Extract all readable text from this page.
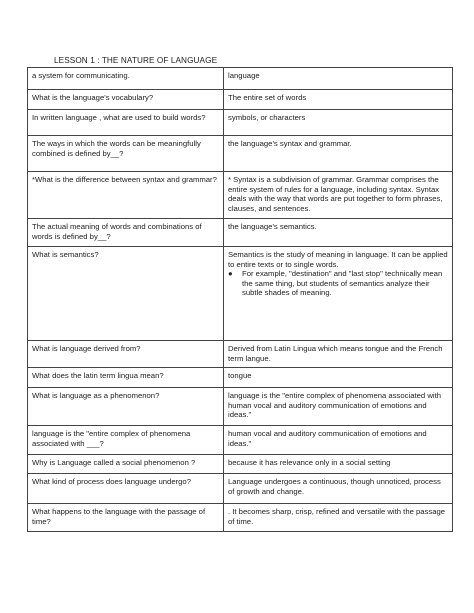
LESSON 1 : THE NATURE OF LANGUAGE
a system for communicating.	language
What is the language's vocabulary?	The entire set of words
In written language , what are used to build words?	symbols, or characters
The ways in which the words can be meaningfully combined is defined by__?	the language's syntax and grammar.
*What is the difference between syntax and grammar?	* Syntax is a subdivision of grammar. Grammar comprises the entire system of rules for a language, including syntax. Syntax deals with the way that words are put together to form phrases, clauses, and sentences.
The actual meaning of words and combinations of words is defined by__?	the language's semantics.
What is semantics?	Semantics is the study of meaning in language. It can be applied to entire texts or to single words.
● For example, "destination" and "last stop" technically mean the same thing, but students of semantics analyze their subtle shades of meaning.

What is language derived from?	Derived from Latin Lingua which means tongue and the French term langue.
What does the latin term lingua mean?	tongue
What is language as a phenomenon?	language is the "entire complex of phenomena associated with human vocal and auditory communication of emotions and ideas."
language is the "entire complex of phenomena associated with ___?	human vocal and auditory communication of emotions and ideas."
Why is Language called a social phenomenon ?	because it has relevance only in a social setting
What kind of process does language undergo?	Language undergoes a continuous, though unnoticed, process of growth and change.
What happens to the language with the passage of time?	. It becomes sharp, crisp, refined and versatile with the passage of time.
